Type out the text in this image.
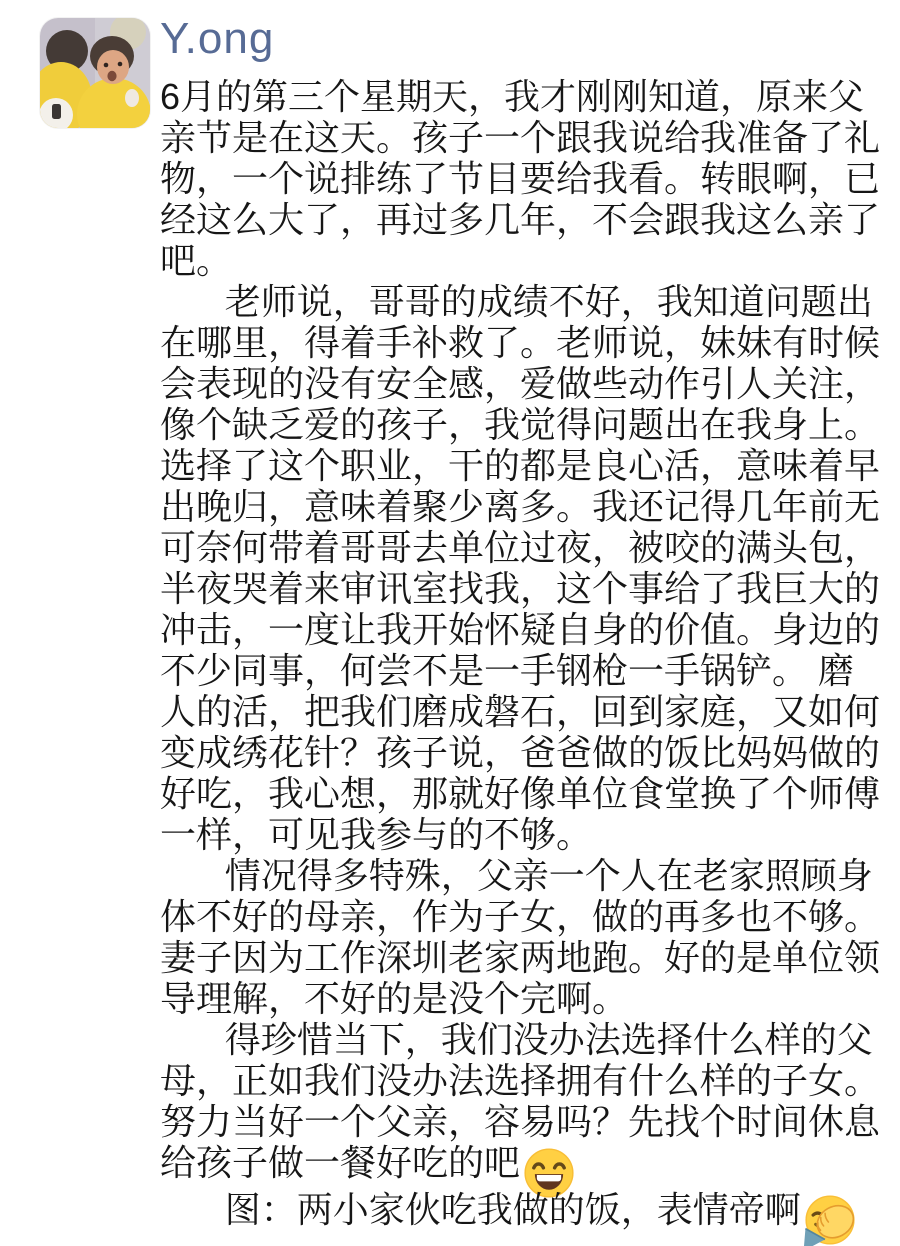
Y.ong

6月的第三个星期天，我才刚刚知道，原来父亲节是在这天。孩子一个跟我说给我准备了礼物，一个说排练了节目要给我看。转眼啊，已经这么大了，再过多几年，不会跟我这么亲了吧。

老师说，哥哥的成绩不好，我知道问题出在哪里，得着手补救了。老师说，妹妹有时候会表现的没有安全感，爱做些动作引人关注，像个缺乏爱的孩子，我觉得问题出在我身上。 选择了这个职业，干的都是良心活，意味着早出晚归，意味着聚少离多。我还记得几年前无可奈何带着哥哥去单位过夜，被咬的满头包，半夜哭着来审讯室找我，这个事给了我巨大的冲击，一度让我开始怀疑自身的价值。身边的不少同事，何尝不是一手钢枪一手锅铲。 磨人的活，把我们磨成磐石，回到家庭，又如何变成绣花针？孩子说，爸爸做的饭比妈妈做的好吃，我心想，那就好像单位食堂换了个师傅一样，可见我参与的不够。

情况得多特殊，父亲一个人在老家照顾身体不好的母亲，作为子女，做的再多也不够。妻子因为工作深圳老家两地跑。好的是单位领导理解，不好的是没个完啊。

得珍惜当下，我们没办法选择什么样的父母，正如我们没办法选择拥有什么样的子女。努力当好一个父亲，容易吗？先找个时间休息给孩子做一餐好吃的吧

图：两小家伙吃我做的饭，表情帝啊
